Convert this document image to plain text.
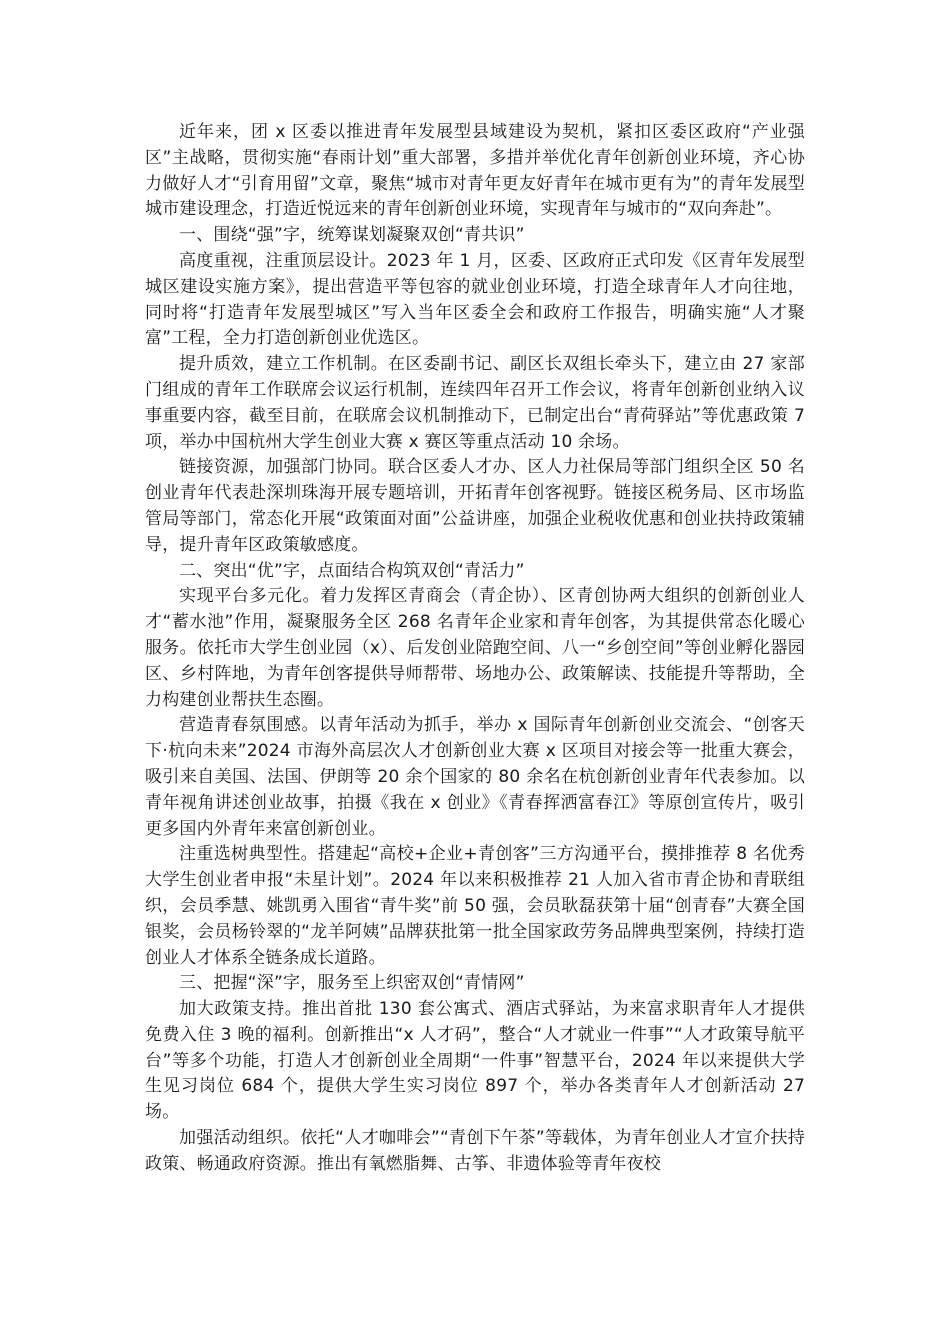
近年来，团 x 区委以推进青年发展型县域建设为契机，紧扣区委区政府“产业强区”主战略，贯彻实施“春雨计划”重大部署，多措并举优化青年创新创业环境，齐心协力做好人才“引育用留”文章，聚焦“城市对青年更友好青年在城市更有为”的青年发展型城市建设理念，打造近悦远来的青年创新创业环境，实现青年与城市的“双向奔赴”。

一、围绕“强”字，统筹谋划凝聚双创“青共识”

高度重视，注重顶层设计。2023 年 1 月，区委、区政府正式印发《区青年发展型城区建设实施方案》，提出营造平等包容的就业创业环境，打造全球青年人才向往地，同时将“打造青年发展型城区”写入当年区委全会和政府工作报告，明确实施“人才聚富”工程，全力打造创新创业优选区。

提升质效，建立工作机制。在区委副书记、副区长双组长牵头下，建立由 27 家部门组成的青年工作联席会议运行机制，连续四年召开工作会议，将青年创新创业纳入议事重要内容，截至目前，在联席会议机制推动下，已制定出台“青荷驿站”等优惠政策 7 项，举办中国杭州大学生创业大赛 x 赛区等重点活动 10 余场。

链接资源，加强部门协同。联合区委人才办、区人力社保局等部门组织全区 50 名创业青年代表赴深圳珠海开展专题培训，开拓青年创客视野。链接区税务局、区市场监管局等部门，常态化开展“政策面对面”公益讲座，加强企业税收优惠和创业扶持政策辅导，提升青年区政策敏感度。

二、突出“优”字，点面结合构筑双创“青活力”

实现平台多元化。着力发挥区青商会（青企协）、区青创协两大组织的创新创业人才“蓄水池”作用，凝聚服务全区 268 名青年企业家和青年创客，为其提供常态化暖心服务。依托市大学生创业园（x）、后发创业陪跑空间、八一“乡创空间”等创业孵化器园区、乡村阵地，为青年创客提供导师帮带、场地办公、政策解读、技能提升等帮助，全力构建创业帮扶生态圈。

营造青春氛围感。以青年活动为抓手，举办 x 国际青年创新创业交流会、“创客天下·杭向未来”2024 市海外高层次人才创新创业大赛 x 区项目对接会等一批重大赛会，吸引来自美国、法国、伊朗等 20 余个国家的 80 余名在杭创新创业青年代表参加。以青年视角讲述创业故事，拍摄《我在 x 创业》《青春挥洒富春江》等原创宣传片，吸引更多国内外青年来富创新创业。

注重选树典型性。搭建起“高校+企业+青创客”三方沟通平台，摸排推荐 8 名优秀大学生创业者申报“未星计划”。2024 年以来积极推荐 21 人加入省市青企协和青联组织，会员季慧、姚凯勇入围省“青牛奖”前 50 强，会员耿磊获第十届“创青春”大赛全国银奖，会员杨铃翠的“龙羊阿姨”品牌获批第一批全国家政劳务品牌典型案例，持续打造创业人才体系全链条成长道路。

三、把握“深”字，服务至上织密双创“青情网”

加大政策支持。推出首批 130 套公寓式、酒店式驿站，为来富求职青年人才提供免费入住 3 晚的福利。创新推出“x 人才码”，整合“人才就业一件事”“人才政策导航平台”等多个功能，打造人才创新创业全周期“一件事”智慧平台，2024 年以来提供大学生见习岗位 684 个，提供大学生实习岗位 897 个，举办各类青年人才创新活动 27 场。

加强活动组织。依托“人才咖啡会”“青创下午茶”等载体，为青年创业人才宣介扶持政策、畅通政府资源。推出有氧燃脂舞、古筝、非遗体验等青年夜校
